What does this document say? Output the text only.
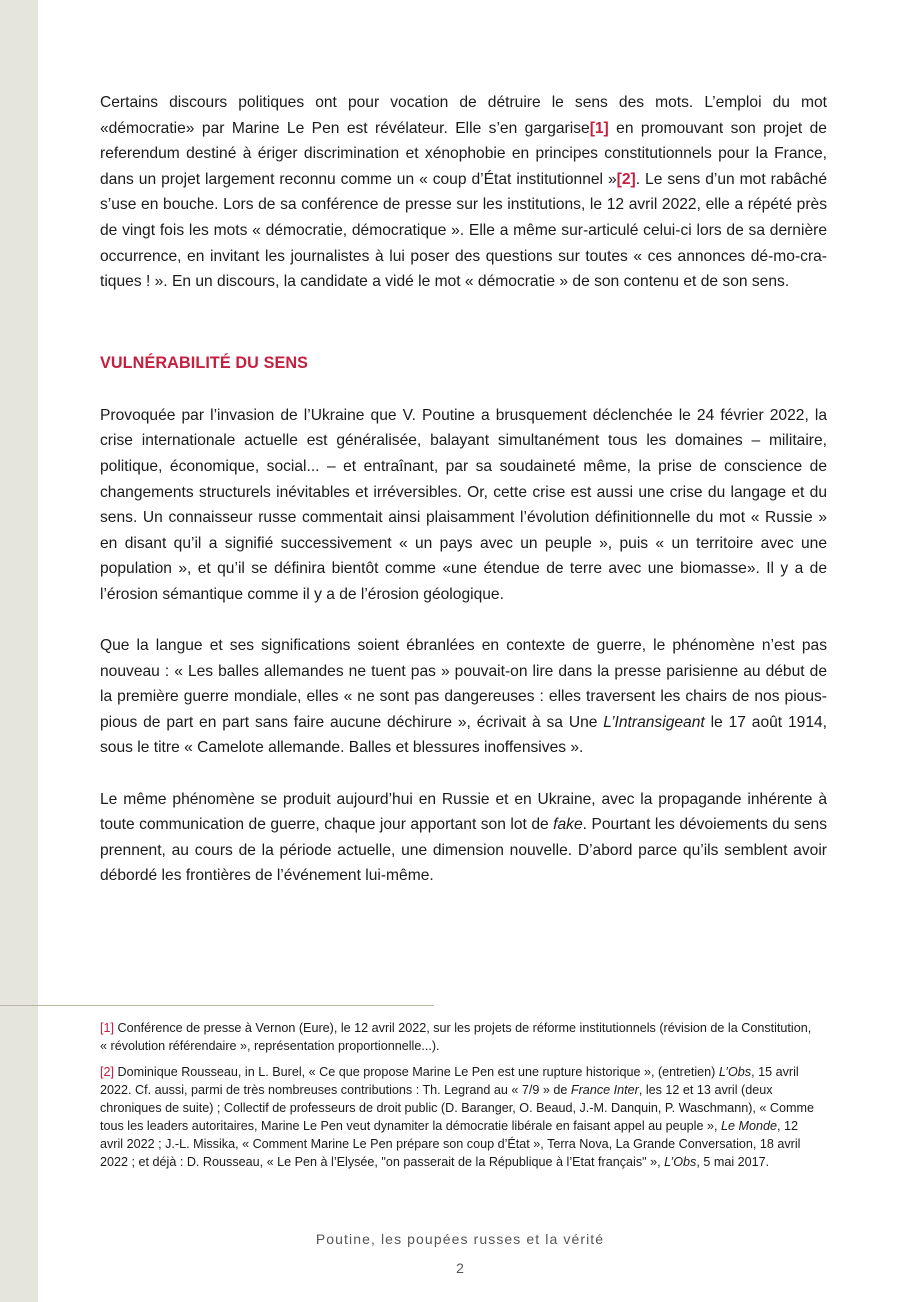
Certains discours politiques ont pour vocation de détruire le sens des mots. L’emploi du mot «démocratie» par Marine Le Pen est révélateur. Elle s’en gargarise[1] en promouvant son projet de referendum destiné à ériger discrimination et xénophobie en principes constitutionnels pour la France, dans un projet largement reconnu comme un « coup d’État institutionnel »[2]. Le sens d’un mot rabâché s’use en bouche. Lors de sa conférence de presse sur les institutions, le 12 avril 2022, elle a répété près de vingt fois les mots « démocratie, démocratique ». Elle a même sur-articulé celui-ci lors de sa dernière occurrence, en invitant les journalistes à lui poser des questions sur toutes « ces annonces dé-mo-cra-tiques ! ». En un discours, la candidate a vidé le mot « démocratie » de son contenu et de son sens.

VULNÉRABILITÉ DU SENS

Provoquée par l’invasion de l’Ukraine que V. Poutine a brusquement déclenchée le 24 février 2022, la crise internationale actuelle est généralisée, balayant simultanément tous les domaines – militaire, politique, économique, social... – et entraînant, par sa soudaineté même, la prise de conscience de changements structurels inévitables et irréversibles. Or, cette crise est aussi une crise du langage et du sens. Un connaisseur russe commentait ainsi plaisamment l’évolution définitionnelle du mot « Russie » en disant qu’il a signifié successivement « un pays avec un peuple », puis « un territoire avec une population », et qu’il se définira bientôt comme «une étendue de terre avec une biomasse». Il y a de l’érosion sémantique comme il y a de l’érosion géologique.

Que la langue et ses significations soient ébranlées en contexte de guerre, le phénomène n’est pas nouveau : « Les balles allemandes ne tuent pas » pouvait-on lire dans la presse parisienne au début de la première guerre mondiale, elles « ne sont pas dangereuses : elles traversent les chairs de nos pious-pious de part en part sans faire aucune déchirure », écrivait à sa Une L’Intransigeant le 17 août 1914, sous le titre « Camelote allemande. Balles et blessures inoffensives ».

Le même phénomène se produit aujourd’hui en Russie et en Ukraine, avec la propagande inhérente à toute communication de guerre, chaque jour apportant son lot de fake. Pourtant les dévoiements du sens prennent, au cours de la période actuelle, une dimension nouvelle. D’abord parce qu’ils semblent avoir débordé les frontières de l’événement lui-même.

[1] Conférence de presse à Vernon (Eure), le 12 avril 2022, sur les projets de réforme institutionnels (révision de la Constitution, « révolution référendaire », représentation proportionnelle...).

[2] Dominique Rousseau, in L. Burel, « Ce que propose Marine Le Pen est une rupture historique », (entretien) L’Obs, 15 avril 2022. Cf. aussi, parmi de très nombreuses contributions : Th. Legrand au « 7/9 » de France Inter, les 12 et 13 avril (deux chroniques de suite) ; Collectif de professeurs de droit public (D. Baranger, O. Beaud, J.-M. Danquin, P. Waschmann), « Comme tous les leaders autoritaires, Marine Le Pen veut dynamiter la démocratie libérale en faisant appel au peuple », Le Monde, 12 avril 2022 ; J.-L. Missika, « Comment Marine Le Pen prépare son coup d’État », Terra Nova, La Grande Conversation, 18 avril 2022 ; et déjà : D. Rousseau, « Le Pen à l’Elysée, "on passerait de la République à l’Etat français" », L’Obs, 5 mai 2017.

Poutine, les poupées russes et la vérité
2
